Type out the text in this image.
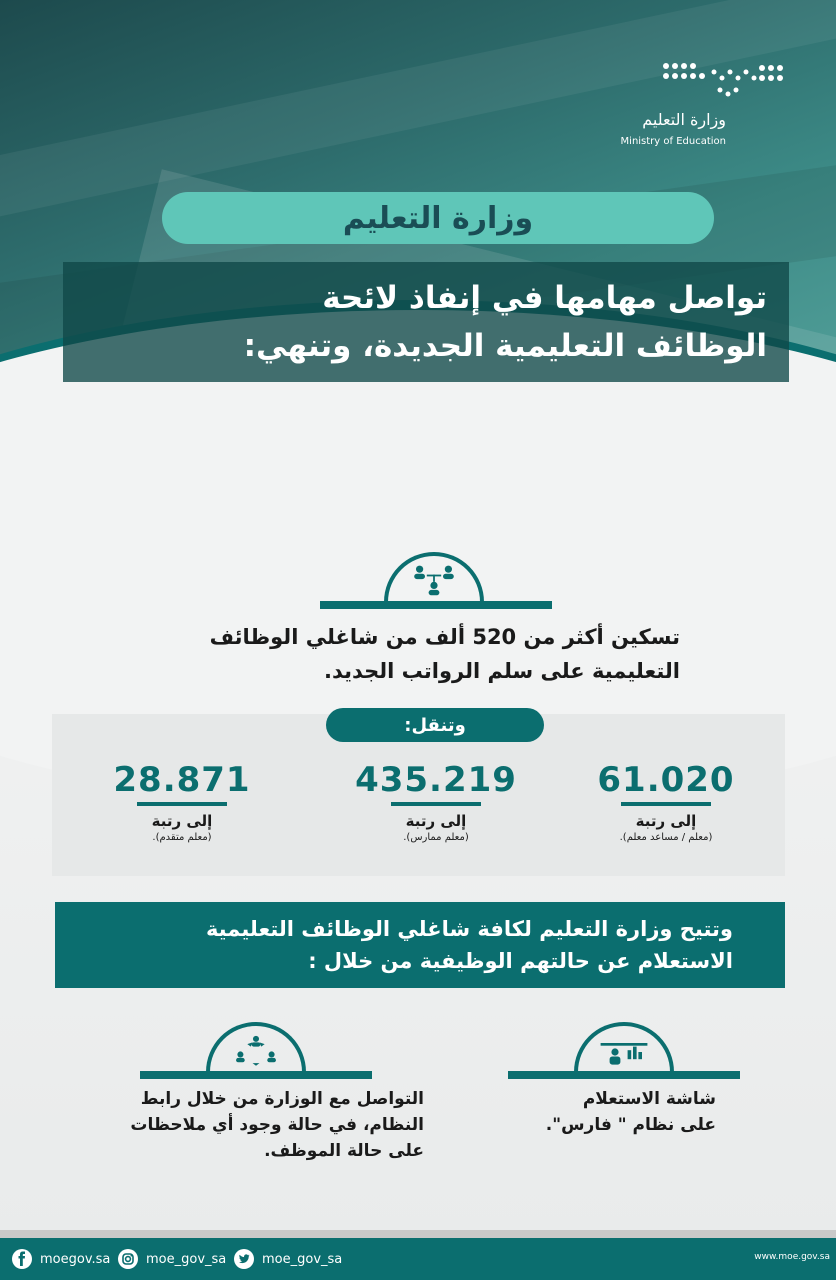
وزارة التعليم
Ministry of Education
وزارة التعليم
تواصل مهامها في إنفاذ لائحة
الوظائف التعليمية الجديدة، وتنهي:
تسكين أكثر من 520 ألف من شاغلي الوظائف
التعليمية على سلم الرواتب الجديد.
وتنقل:
61.020
إلى رتبة
(معلم / مساعد معلم).
435.219
إلى رتبة
(معلم ممارس).
28.871
إلى رتبة
(معلم متقدم).
وتتيح وزارة التعليم لكافة شاغلي الوظائف التعليمية
الاستعلام عن حالتهم الوظيفية من خلال :
شاشة الاستعلام
على نظام " فارس".
التواصل مع الوزارة من خلال رابط
النظام، في حالة وجود أي ملاحظات
على حالة الموظف.
moegov.sa	moe_gov_sa	moe_gov_sa	www.moe.gov.sa
